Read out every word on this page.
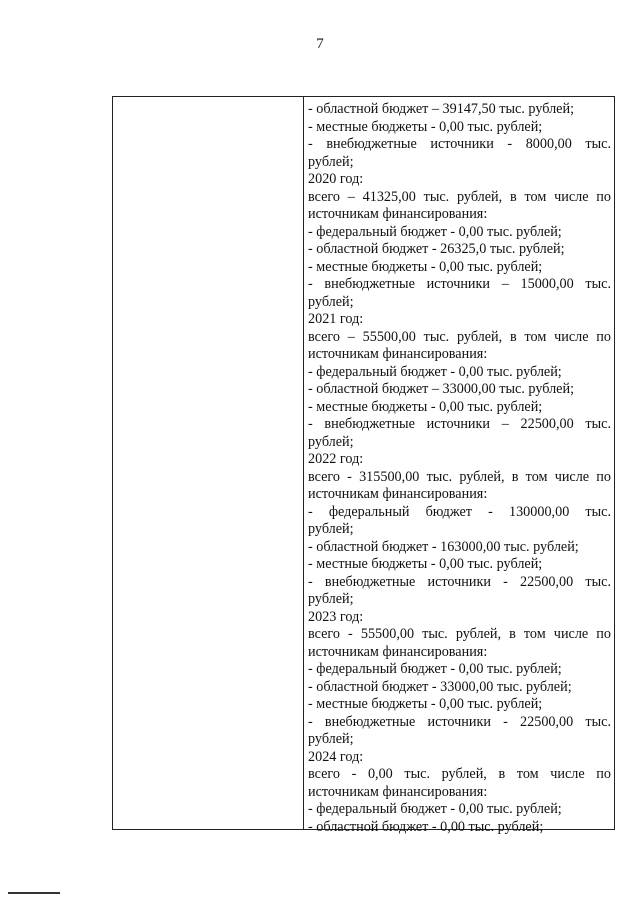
7
- областной бюджет – 39147,50 тыс. рублей;
- местные бюджеты - 0,00 тыс. рублей;
- внебюджетные источники - 8000,00 тыс.
рублей;
2020 год:
всего – 41325,00 тыс. рублей, в том числе по
источникам финансирования:
- федеральный бюджет - 0,00 тыс. рублей;
- областной бюджет - 26325,0 тыс. рублей;
- местные бюджеты - 0,00 тыс. рублей;
- внебюджетные источники – 15000,00 тыс.
рублей;
2021 год:
всего – 55500,00 тыс. рублей, в том числе по
источникам финансирования:
- федеральный бюджет - 0,00 тыс. рублей;
- областной бюджет – 33000,00 тыс. рублей;
- местные бюджеты - 0,00 тыс. рублей;
- внебюджетные источники – 22500,00 тыс.
рублей;
2022 год:
всего - 315500,00 тыс. рублей, в том числе по
источникам финансирования:
- федеральный бюджет - 130000,00 тыс.
рублей;
- областной бюджет - 163000,00 тыс. рублей;
- местные бюджеты - 0,00 тыс. рублей;
- внебюджетные источники - 22500,00 тыс.
рублей;
2023 год:
всего - 55500,00 тыс. рублей, в том числе по
источникам финансирования:
- федеральный бюджет - 0,00 тыс. рублей;
- областной бюджет - 33000,00 тыс. рублей;
- местные бюджеты - 0,00 тыс. рублей;
- внебюджетные источники - 22500,00 тыс.
рублей;
2024 год:
всего - 0,00 тыс. рублей, в том числе по
источникам финансирования:
- федеральный бюджет - 0,00 тыс. рублей;
- областной бюджет - 0,00 тыс. рублей;
